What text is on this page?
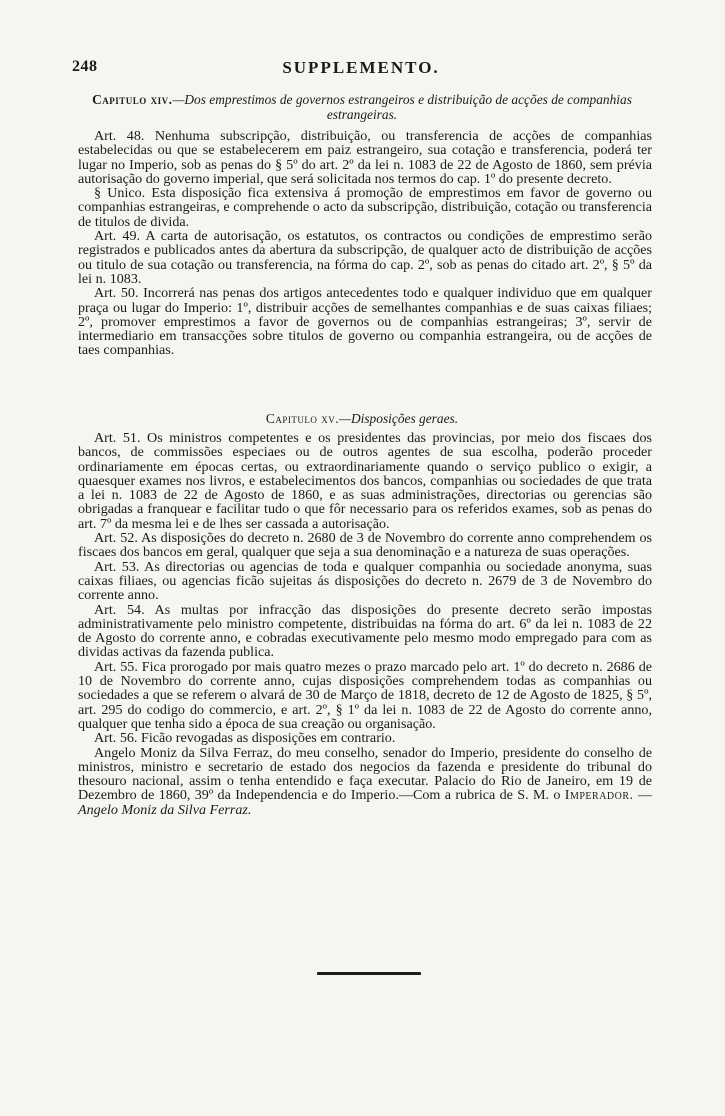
248	SUPPLEMENTO.
Capitulo xiv.—Dos emprestimos de governos estrangeiros e distribuição de acções de companhias estrangeiras.

Art. 48. Nenhuma subscripção, distribuição, ou transferencia de acções de companhias estabelecidas ou que se estabelecerem em paiz estrangeiro, sua cotação e transferencia, poderá ter lugar no Imperio, sob as penas do § 5º do art. 2º da lei n. 1083 de 22 de Agosto de 1860, sem prévia autorisação do governo imperial, que será solicitada nos termos do cap. 1º do presente decreto.

§ Unico. Esta disposição fica extensiva á promoção de emprestimos em favor de governo ou companhias estrangeiras, e comprehende o acto da subscripção, distribuição, cotação ou transferencia de titulos de divida.

Art. 49. A carta de autorisação, os estatutos, os contractos ou condições de emprestimo serão registrados e publicados antes da abertura da subscripção, de qualquer acto de distribuição de acções ou titulo de sua cotação ou transferencia, na fórma do cap. 2º, sob as penas do citado art. 2º, § 5º da lei n. 1083.

Art. 50. Incorrerá nas penas dos artigos antecedentes todo e qualquer individuo que em qualquer praça ou lugar do Imperio: 1º, distribuir acções de semelhantes companhias e de suas caixas filiaes; 2º, promover emprestimos a favor de governos ou de companhias estrangeiras; 3º, servir de intermediario em transacções sobre titulos de governo ou companhia estrangeira, ou de acções de taes companhias.

Capitulo xv.—Disposições geraes.

Art. 51. Os ministros competentes e os presidentes das provincias, por meio dos fiscaes dos bancos, de commissões especiaes ou de outros agentes de sua escolha, poderão proceder ordinariamente em épocas certas, ou extraordinariamente quando o serviço publico o exigir, a quaesquer exames nos livros, e estabelecimentos dos bancos, companhias ou sociedades de que trata a lei n. 1083 de 22 de Agosto de 1860, e as suas administrações, directorias ou gerencias são obrigadas a franquear e facilitar tudo o que fôr necessario para os referidos exames, sob as penas do art. 7º da mesma lei e de lhes ser cassada a autorisação.

Art. 52. As disposições do decreto n. 2680 de 3 de Novembro do corrente anno comprehendem os fiscaes dos bancos em geral, qualquer que seja a sua denominação e a natureza de suas operações.

Art. 53. As directorias ou agencias de toda e qualquer companhia ou sociedade anonyma, suas caixas filiaes, ou agencias ficão sujeitas ás disposições do decreto n. 2679 de 3 de Novembro do corrente anno.

Art. 54. As multas por infracção das disposições do presente decreto serão impostas administrativamente pelo ministro competente, distribuidas na fórma do art. 6º da lei n. 1083 de 22 de Agosto do corrente anno, e cobradas executivamente pelo mesmo modo empregado para com as dividas activas da fazenda publica.

Art. 55. Fica prorogado por mais quatro mezes o prazo marcado pelo art. 1º do decreto n. 2686 de 10 de Novembro do corrente anno, cujas disposições comprehendem todas as companhias ou sociedades a que se referem o alvará de 30 de Março de 1818, decreto de 12 de Agosto de 1825, § 5º, art. 295 do codigo do commercio, e art. 2º, § 1º da lei n. 1083 de 22 de Agosto do corrente anno, qualquer que tenha sido a época de sua creação ou organisação.

Art. 56. Ficão revogadas as disposições em contrario.

Angelo Moniz da Silva Ferraz, do meu conselho, senador do Imperio, presidente do conselho de ministros, ministro e secretario de estado dos negocios da fazenda e presidente do tribunal do thesouro nacional, assim o tenha entendido e faça executar. Palacio do Rio de Janeiro, em 19 de Dezembro de 1860, 39º da Independencia e do Imperio.—Com a rubrica de S. M. o Imperador. — Angelo Moniz da Silva Ferraz.
